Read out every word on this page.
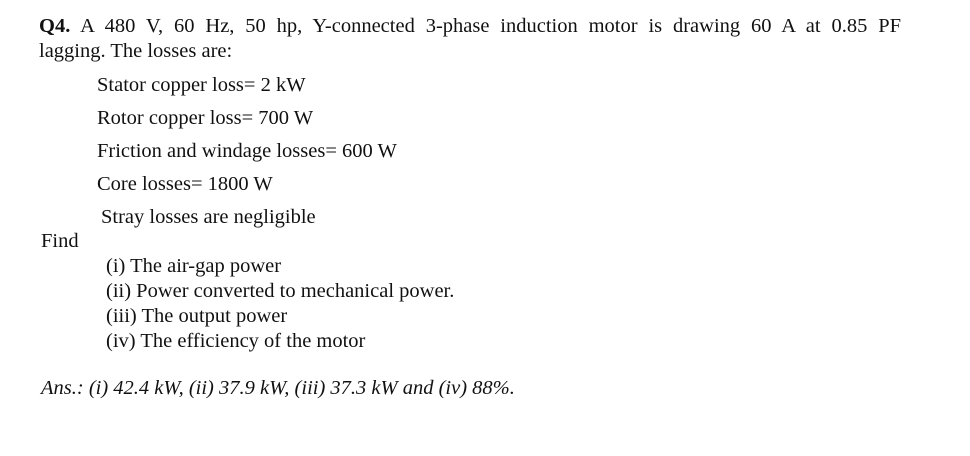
Q4. A 480 V, 60 Hz, 50 hp, Y-connected 3-phase induction motor is drawing 60 A at 0.85 PF
lagging. The losses are:
Stator copper loss= 2 kW
Rotor copper loss= 700 W
Friction and windage losses= 600 W
Core losses= 1800 W
Stray losses are negligible
Find
(i) The air-gap power
(ii) Power converted to mechanical power.
(iii) The output power
(iv) The efficiency of the motor
Ans.: (i) 42.4 kW, (ii) 37.9 kW, (iii) 37.3 kW and (iv) 88%.
